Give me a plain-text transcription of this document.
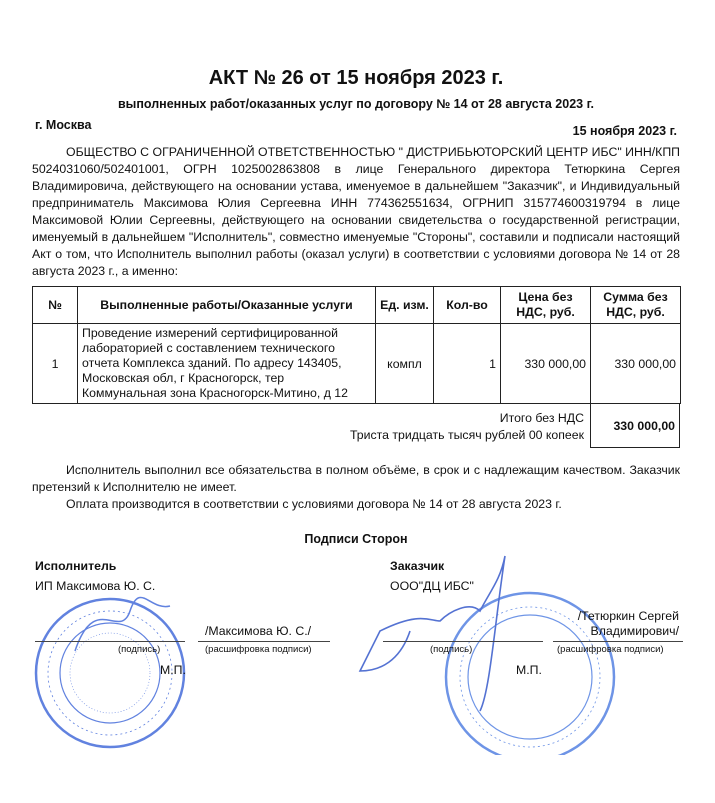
АКТ № 26 от 15 ноября 2023 г.
выполненных работ/оказанных услуг по договору № 14 от 28 августа 2023 г.
г. Москва	15 ноября 2023 г.
ОБЩЕСТВО С ОГРАНИЧЕННОЙ ОТВЕТСТВЕННОСТЬЮ " ДИСТРИБЬЮТОРСКИЙ ЦЕНТР ИБС" ИНН/КПП 5024031060/502401001, ОГРН 1025002863808 в лице Генерального директора Тетюркина Сергея Владимировича, действующего на основании устава, именуемое в дальнейшем "Заказчик", и Индивидуальный предприниматель Максимова Юлия Сергеевна ИНН 774362551634, ОГРНИП 315774600319794 в лице Максимовой Юлии Сергеевны, действующего на основании свидетельства о государственной регистрации, именуемый в дальнейшем "Исполнитель", совместно именуемые "Стороны", составили и подписали настоящий Акт о том, что Исполнитель выполнил работы (оказал услуги) в соответствии с условиями договора № 14 от 28 августа 2023 г., а именно:
№	Выполненные работы/Оказанные услуги	Ед. изм.	Кол-во	Цена без НДС, руб.	Сумма без НДС, руб.
1	Проведение измерений сертифицированной лабораторией с составлением технического отчета Комплекса зданий. По адресу 143405, Московская обл, г Красногорск, тер Коммунальная зона Красногорск-Митино, д 12	компл	1	330 000,00	330 000,00
Итого без НДС
Триста тридцать тысяч рублей 00 копеек
330 000,00

Исполнитель выполнил все обязательства в полном объёме, в срок и с надлежащим качеством. Заказчик претензий к Исполнителю не имеет.

Оплата производится в соответствии с условиями договора № 14 от 28 августа 2023 г.

Подписи Сторон
Исполнитель
ИП Максимова Ю. С.
/Максимова Ю. С./
(подпись)	(расшифровка подписи)
М.П.
Заказчик
ООО"ДЦ ИБС"
/Тетюркин Сергей Владимирович/
(подпись)	(расшифровка подписи)
М.П.
